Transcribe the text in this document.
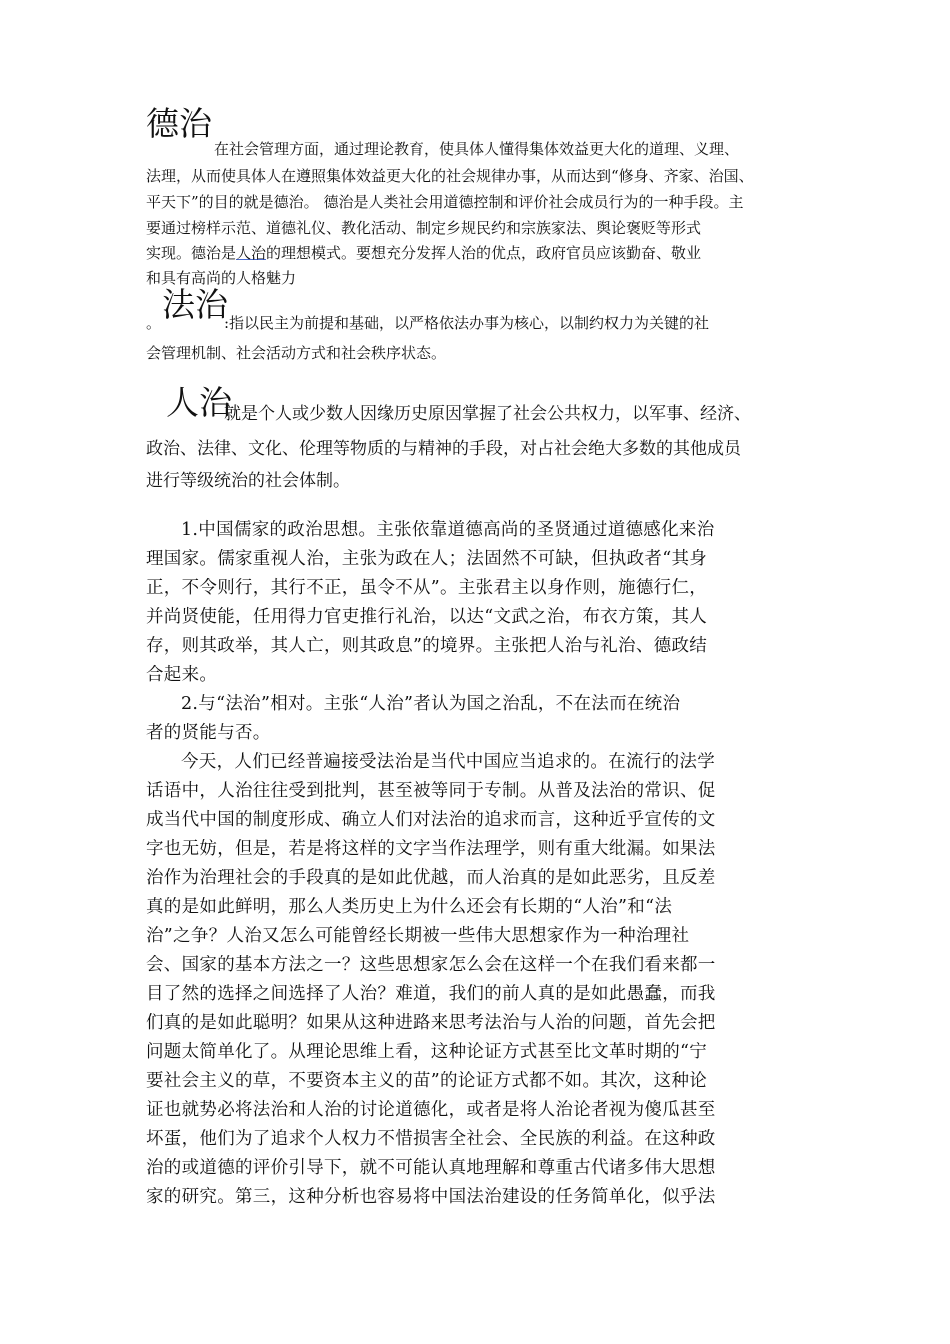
德治
在社会管理方面，通过理论教育，使具体人懂得集体效益更大化的道理、义理、
法理，从而使具体人在遵照集体效益更大化的社会规律办事，从而达到“修身、齐家、治国、
平天下”的目的就是德治。 德治是人类社会用道德控制和评价社会成员行为的一种手段。主
要通过榜样示范、道德礼仪、教化活动、制定乡规民约和宗族家法、舆论褒贬等形式
实现。德治是人治的理想模式。要想充分发挥人治的优点，政府官员应该勤奋、敬业
和具有高尚的人格魅力
。 法治
:指以民主为前提和基础，以严格依法办事为核心，以制约权力为关键的社
会管理机制、社会活动方式和社会秩序状态。
人治
就是个人或少数人因缘历史原因掌握了社会公共权力，以军事、经济、
政治、法律、文化、伦理等物质的与精神的手段，对占社会绝大多数的其他成员
进行等级统治的社会体制。
1.中国儒家的政治思想。主张依靠道德高尚的圣贤通过道德感化来治
理国家。儒家重视人治，主张为政在人；法固然不可缺，但执政者“其身
正，不令则行，其行不正，虽令不从”。主张君主以身作则，施德行仁，
并尚贤使能，任用得力官吏推行礼治，以达“文武之治，布衣方策，其人
存，则其政举，其人亡，则其政息”的境界。主张把人治与礼治、德政结
合起来。
2.与“法治”相对。主张“人治”者认为国之治乱，不在法而在统治
者的贤能与否。
今天，人们已经普遍接受法治是当代中国应当追求的。在流行的法学
话语中，人治往往受到批判，甚至被等同于专制。从普及法治的常识、促
成当代中国的制度形成、确立人们对法治的追求而言，这种近乎宣传的文
字也无妨，但是，若是将这样的文字当作法理学，则有重大纰漏。如果法
治作为治理社会的手段真的是如此优越，而人治真的是如此恶劣，且反差
真的是如此鲜明，那么人类历史上为什么还会有长期的“人治”和“法
治”之争？人治又怎么可能曾经长期被一些伟大思想家作为一种治理社
会、国家的基本方法之一？这些思想家怎么会在这样一个在我们看来都一
目了然的选择之间选择了人治？难道，我们的前人真的是如此愚蠢，而我
们真的是如此聪明？如果从这种进路来思考法治与人治的问题，首先会把
问题太简单化了。从理论思维上看，这种论证方式甚至比文革时期的“宁
要社会主义的草，不要资本主义的苗”的论证方式都不如。其次，这种论
证也就势必将法治和人治的讨论道德化，或者是将人治论者视为傻瓜甚至
坏蛋，他们为了追求个人权力不惜损害全社会、全民族的利益。在这种政
治的或道德的评价引导下，就不可能认真地理解和尊重古代诸多伟大思想
家的研究。第三，这种分析也容易将中国法治建设的任务简单化，似乎法
